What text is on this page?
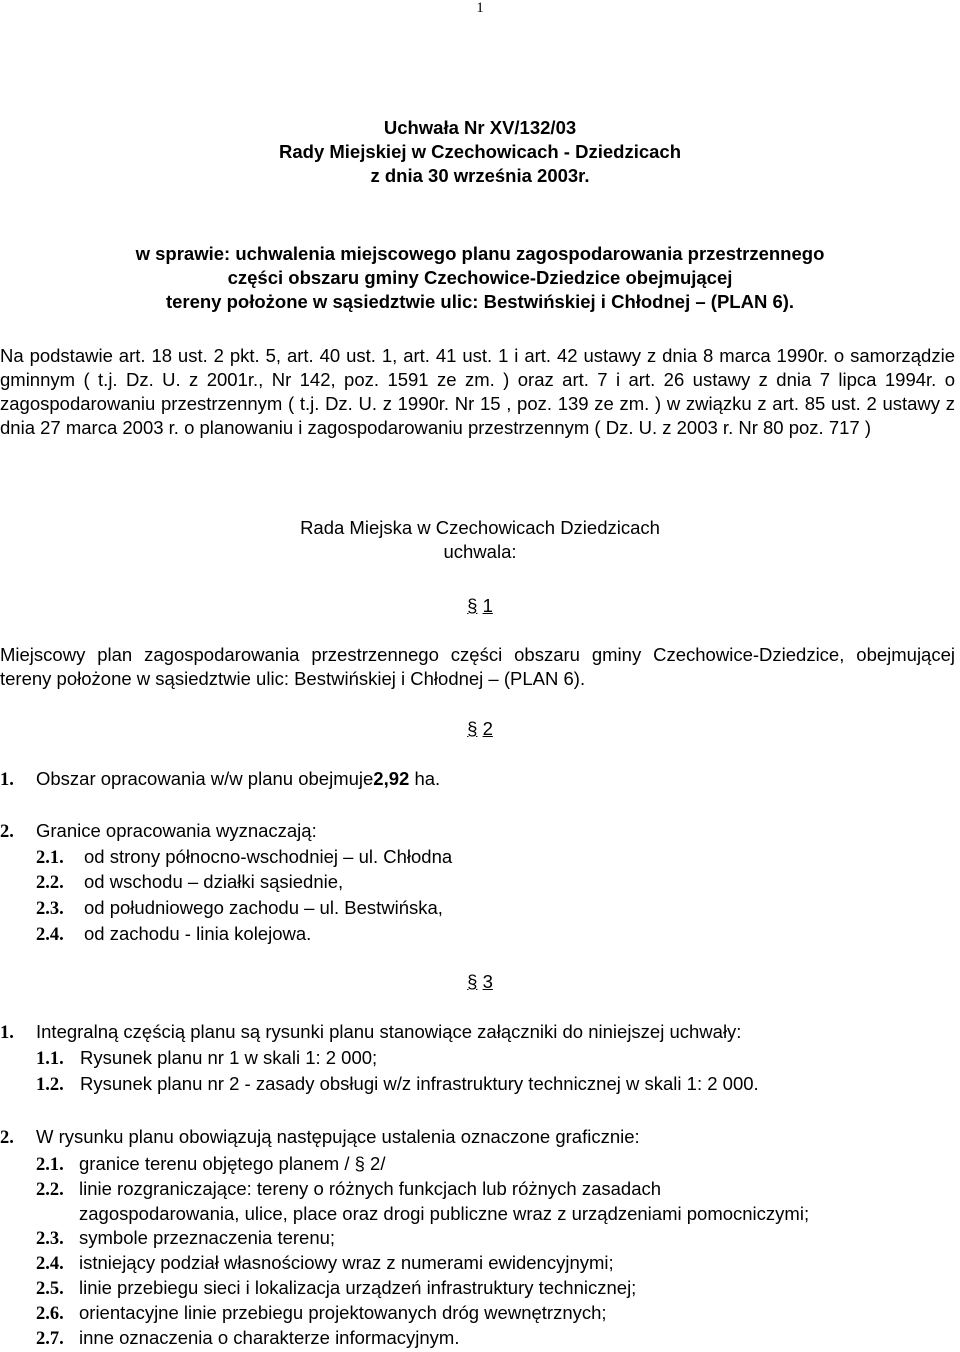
1
Uchwała Nr XV/132/03
Rady Miejskiej w Czechowicach - Dziedzicach
z dnia 30 września 2003r.
w sprawie: uchwalenia miejscowego planu zagospodarowania przestrzennego
części obszaru gminy Czechowice-Dziedzice obejmującej
tereny położone w sąsiedztwie ulic: Bestwińskiej i Chłodnej – (PLAN 6).
Na podstawie art. 18 ust. 2 pkt. 5, art. 40 ust. 1, art. 41 ust. 1 i art. 42 ustawy z dnia 8 marca 1990r. o samorządzie gminnym ( t.j. Dz. U. z 2001r., Nr 142, poz. 1591 ze zm. ) oraz art. 7 i art. 26 ustawy z dnia 7 lipca 1994r. o zagospodarowaniu przestrzennym ( t.j. Dz. U. z 1990r. Nr 15 , poz. 139 ze zm. ) w związku z art. 85 ust. 2 ustawy z dnia 27 marca 2003 r. o planowaniu i zagospodarowaniu przestrzennym ( Dz. U. z 2003 r. Nr 80 poz. 717 )
Rada Miejska w Czechowicach Dziedzicach
uchwala:
§ 1
Miejscowy plan zagospodarowania przestrzennego części obszaru gminy Czechowice-Dziedzice, obejmującej tereny położone w sąsiedztwie ulic: Bestwińskiej i Chłodnej – (PLAN 6).
§ 2
1. Obszar opracowania w/w planu obejmuje2,92 ha.
2. Granice opracowania wyznaczają:
2.1. od strony północno-wschodniej – ul. Chłodna
2.2. od wschodu – działki sąsiednie,
2.3. od południowego zachodu – ul. Bestwińska,
2.4. od zachodu - linia kolejowa.
§ 3
1. Integralną częścią planu są rysunki planu stanowiące załączniki do niniejszej uchwały:
1.1. Rysunek planu nr 1 w skali 1: 2 000;
1.2. Rysunek planu nr 2 - zasady obsługi w/z infrastruktury technicznej w skali 1: 2 000.
2. W rysunku planu obowiązują następujące ustalenia oznaczone graficznie:
2.1. granice terenu objętego planem / § 2/
2.2. linie rozgraniczające: tereny o różnych funkcjach lub różnych zasadach
zagospodarowania, ulice, place oraz drogi publiczne wraz z urządzeniami pomocniczymi;
2.3. symbole przeznaczenia terenu;
2.4. istniejący podział własnościowy wraz z numerami ewidencyjnymi;
2.5. linie przebiegu sieci i lokalizacja urządzeń infrastruktury technicznej;
2.6. orientacyjne linie przebiegu projektowanych dróg wewnętrznych;
2.7. inne oznaczenia o charakterze informacyjnym.
